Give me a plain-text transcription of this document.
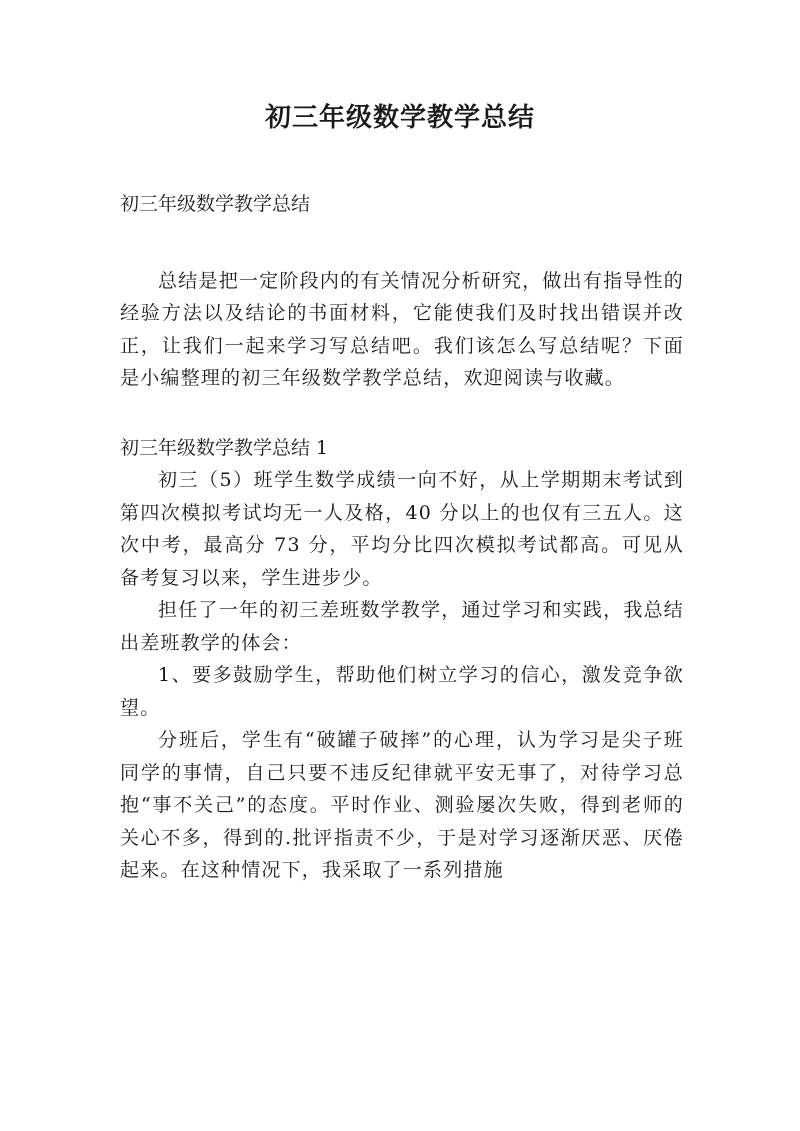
初三年级数学教学总结

初三年级数学教学总结

总结是把一定阶段内的有关情况分析研究，做出有指导性的经验方法以及结论的书面材料，它能使我们及时找出错误并改正，让我们一起来学习写总结吧。我们该怎么写总结呢？下面是小编整理的初三年级数学教学总结，欢迎阅读与收藏。

初三年级数学教学总结 1

初三（5）班学生数学成绩一向不好，从上学期期末考试到第四次模拟考试均无一人及格，40 分以上的也仅有三五人。这次中考，最高分 73 分，平均分比四次模拟考试都高。可见从备考复习以来，学生进步少。

担任了一年的初三差班数学教学，通过学习和实践，我总结出差班教学的体会：

1、要多鼓励学生，帮助他们树立学习的信心，激发竞争欲望。

分班后，学生有“破罐子破摔”的心理，认为学习是尖子班同学的事情，自己只要不违反纪律就平安无事了，对待学习总抱“事不关己”的态度。平时作业、测验屡次失败，得到老师的关心不多，得到的.批评指责不少，于是对学习逐渐厌恶、厌倦起来。在这种情况下，我采取了一系列措施
